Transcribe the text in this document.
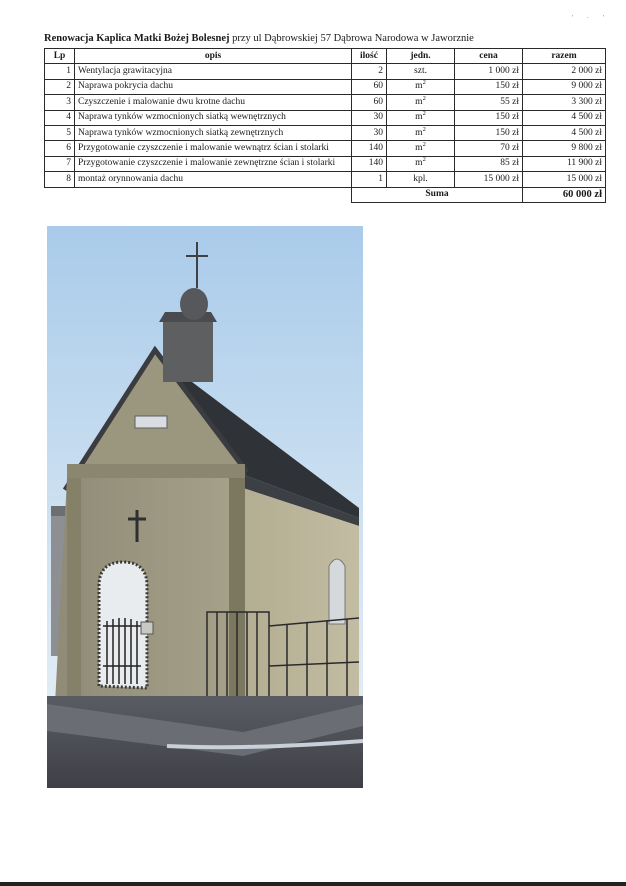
' · '
Renowacja Kaplica Matki Bożej Bolesnej przy ul Dąbrowskiej 57 Dąbrowa Narodowa w Jaworznie
Lp	opis	ilość	jedn.	cena	razem
1	Wentylacja grawitacyjna	2	szt.	1 000 zł	2 000 zł
2	Naprawa pokrycia dachu	60	$m^2$	150 zł	9 000 zł
3	Czyszczenie i malowanie dwu krotne dachu	60	$m^2$	55 zł	3 300 zł
4	Naprawa tynków wzmocnionych siatką wewnętrznych	30	$m^2$	150 zł	4 500 zł
5	Naprawa tynków wzmocnionych siatką zewnętrznych	30	$m^2$	150 zł	4 500 zł
6	Przygotowanie czyszczenie i malowanie wewnątrz ścian i stolarki	140	$m^2$	70 zł	9 800 zł
7	Przygotowanie czyszczenie i malowanie zewnętrzne ścian i stolarki	140	$m^2$	85 zł	11 900 zł
8	montaż orynnowania dachu	1	kpl.	15 000 zł	15 000 zł
		Suma			60 000 zł
